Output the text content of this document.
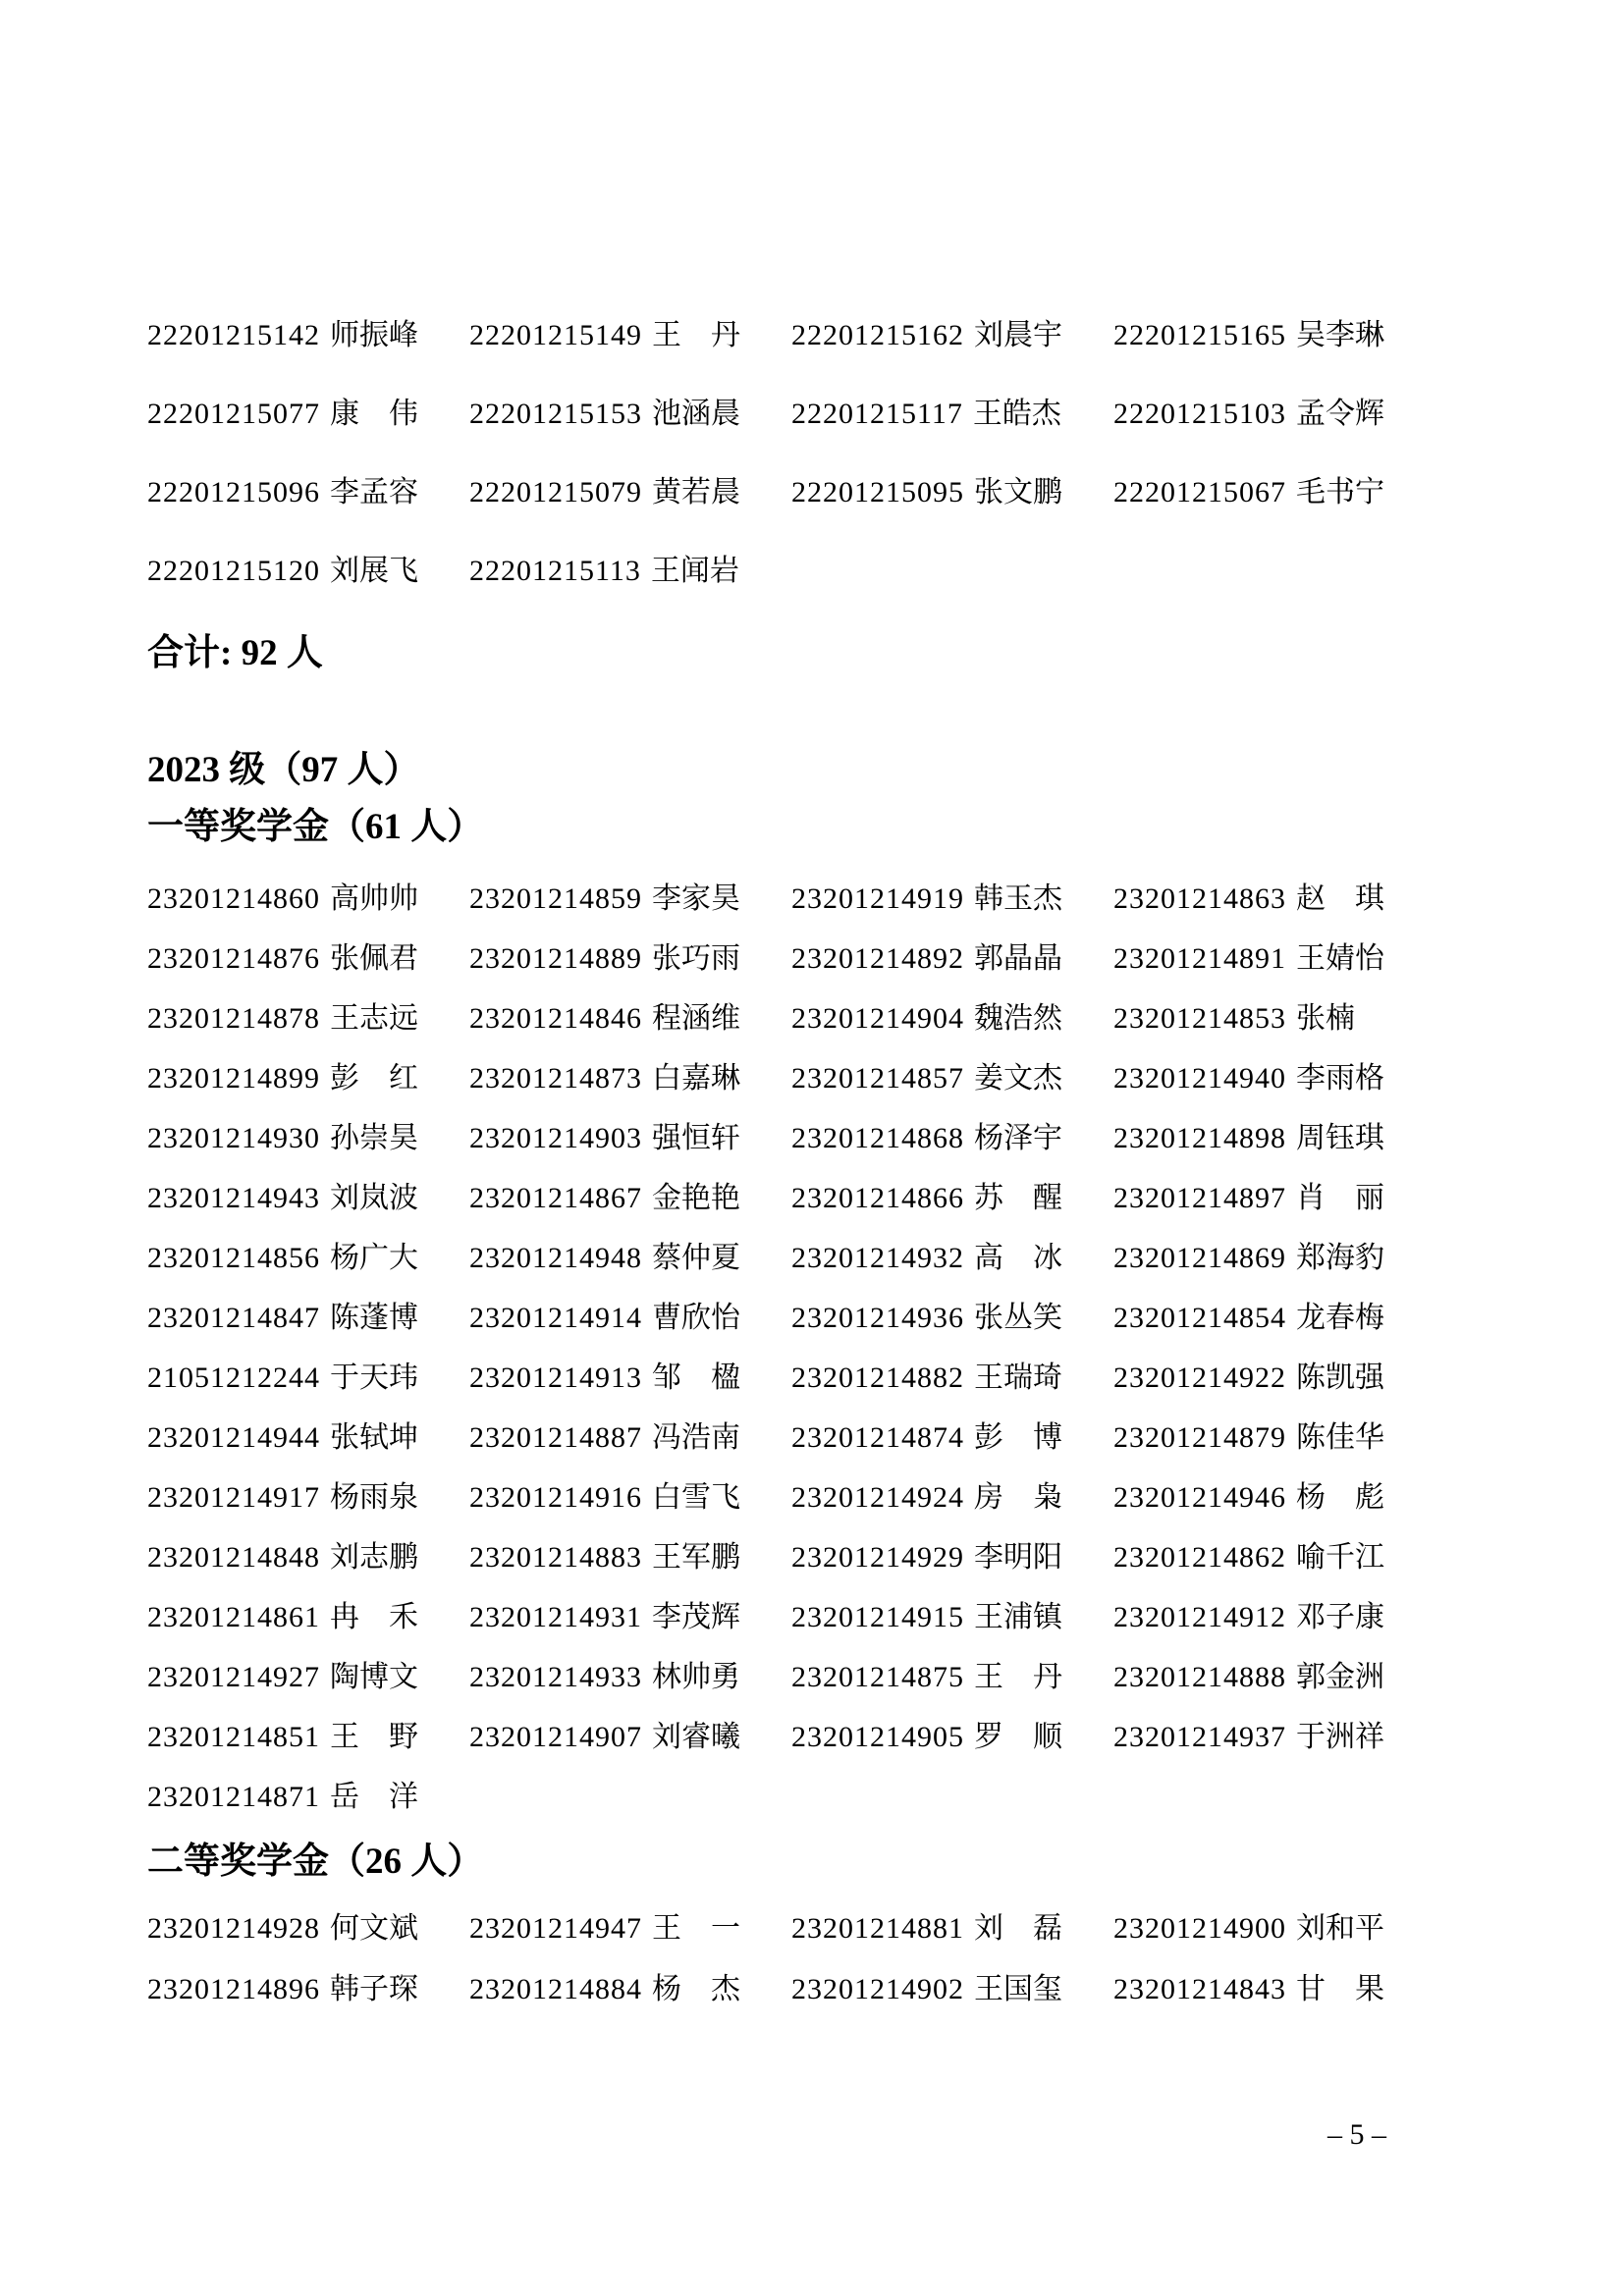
22201215142 师振峰 22201215149 王　丹 22201215162 刘晨宇 22201215165 吴李琳
22201215077 康　伟 22201215153 池涵晨 22201215117 王皓杰 22201215103 孟令辉
22201215096 李孟容 22201215079 黄若晨 22201215095 张文鹏 22201215067 毛书宁
22201215120 刘展飞 22201215113 王闻岩
合计: 92 人
2023 级（97 人）
一等奖学金（61 人）
23201214860 高帅帅 23201214859 李家昊 23201214919 韩玉杰 23201214863 赵　琪
23201214876 张佩君 23201214889 张巧雨 23201214892 郭晶晶 23201214891 王婧怡
23201214878 王志远 23201214846 程涵维 23201214904 魏浩然 23201214853 张楠
23201214899 彭　红 23201214873 白嘉琳 23201214857 姜文杰 23201214940 李雨格
23201214930 孙崇昊 23201214903 强恒轩 23201214868 杨泽宇 23201214898 周钰琪
23201214943 刘岚波 23201214867 金艳艳 23201214866 苏　醒 23201214897 肖　丽
23201214856 杨广大 23201214948 蔡仲夏 23201214932 高　冰 23201214869 郑海豹
23201214847 陈蓬博 23201214914 曹欣怡 23201214936 张丛笑 23201214854 龙春梅
21051212244 于天玮 23201214913 邹　楹 23201214882 王瑞琦 23201214922 陈凯强
23201214944 张轼坤 23201214887 冯浩南 23201214874 彭　博 23201214879 陈佳华
23201214917 杨雨泉 23201214916 白雪飞 23201214924 房　枭 23201214946 杨　彪
23201214848 刘志鹏 23201214883 王军鹏 23201214929 李明阳 23201214862 喻千江
23201214861 冉　禾 23201214931 李茂辉 23201214915 王浦镇 23201214912 邓子康
23201214927 陶博文 23201214933 林帅勇 23201214875 王　丹 23201214888 郭金洲
23201214851 王　野 23201214907 刘睿曦 23201214905 罗　顺 23201214937 于洲祥
23201214871 岳　洋
二等奖学金（26 人）
23201214928 何文斌 23201214947 王　一 23201214881 刘　磊 23201214900 刘和平
23201214896 韩子琛 23201214884 杨　杰 23201214902 王国玺 23201214843 甘　果
– 5 –
